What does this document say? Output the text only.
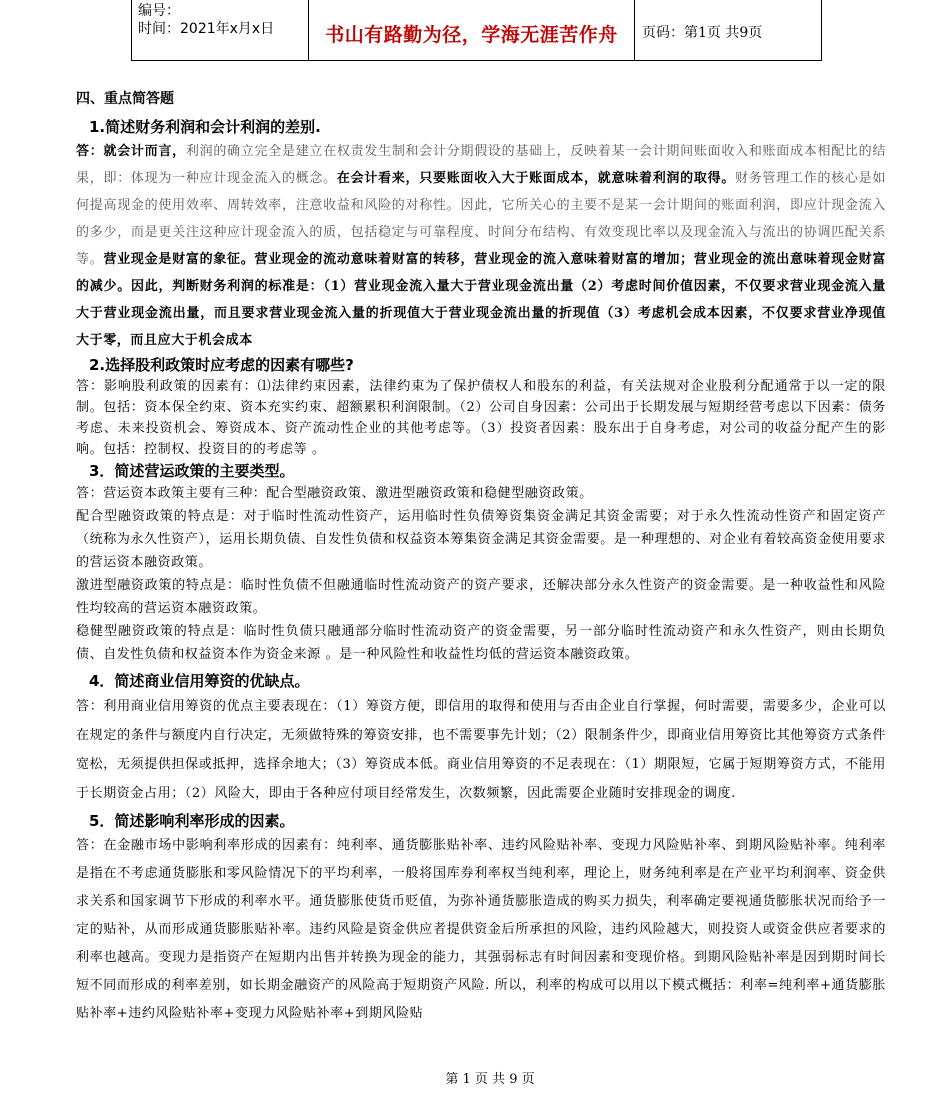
编号：
时间：2021年x月x日	书山有路勤为径，学海无涯苦作舟	页码：第1页 共9页
四、重点简答题
1.简述财务利润和会计利润的差别.

答：就会计而言，利润的确立完全是建立在权责发生制和会计分期假设的基础上，反映着某一会计期间账面收入和账面成本相配比的结果，即：体现为一种应计现金流入的概念。在会计看来，只要账面收入大于账面成本，就意味着利润的取得。财务管理工作的核心是如何提高现金的使用效率、周转效率，注意收益和风险的对称性。因此，它所关心的主要不是某一会计期间的账面利润，即应计现金流入的多少，而是更关注这种应计现金流入的质，包括稳定与可靠程度、时间分布结构、有效变现比率以及现金流入与流出的协调匹配关系等。营业现金是财富的象征。营业现金的流动意味着财富的转移，营业现金的流入意味着财富的增加；营业现金的流出意味着现金财富的减少。因此，判断财务利润的标准是：（1）营业现金流入量大于营业现金流出量（2）考虑时间价值因素，不仅要求营业现金流入量大于营业现金流出量，而且要求营业现金流入量的折现值大于营业现金流出量的折现值（3）考虑机会成本因素，不仅要求营业净现值大于零，而且应大于机会成本

2.选择股利政策时应考虑的因素有哪些?

答：影响股利政策的因素有：⑴法律约束因素，法律约束为了保护债权人和股东的利益，有关法规对企业股利分配通常于以一定的限制。包括：资本保全约束、资本充实约束、超额累积利润限制。（2）公司自身因素：公司出于长期发展与短期经营考虑以下因素：债务考虑、未来投资机会、筹资成本、资产流动性企业的其他考虑等。（3）投资者因素：股东出于自身考虑，对公司的收益分配产生的影响。包括：控制权、投资目的的考虑等 。

3．简述营运政策的主要类型。

答：营运资本政策主要有三种：配合型融资政策、激进型融资政策和稳健型融资政策。

配合型融资政策的特点是：对于临时性流动性资产，运用临时性负债筹资集资金满足其资金需要；对于永久性流动性资产和固定资产（统称为永久性资产），运用长期负债、自发性负债和权益资本筹集资金满足其资金需要。是一种理想的、对企业有着较高资金使用要求的营运资本融资政策。

激进型融资政策的特点是：临时性负债不但融通临时性流动资产的资产要求，还解决部分永久性资产的资金需要。是一种收益性和风险性均较高的营运资本融资政策。

稳健型融资政策的特点是：临时性负债只融通部分临时性流动资产的资金需要，另一部分临时性流动资产和永久性资产，则由长期负债、自发性负债和权益资本作为资金来源 。是一种风险性和收益性均低的营运资本融资政策。

4．简述商业信用筹资的优缺点。

答：利用商业信用筹资的优点主要表现在：（1）筹资方便，即信用的取得和使用与否由企业自行掌握，何时需要，需要多少，企业可以在规定的条件与额度内自行决定，无须做特殊的筹资安排，也不需要事先计划；（2）限制条件少，即商业信用筹资比其他筹资方式条件宽松，无须提供担保或抵押，选择余地大；（3）筹资成本低。商业信用筹资的不足表现在：（1）期限短，它属于短期筹资方式，不能用于长期资金占用；（2）风险大，即由于各种应付项目经常发生，次数频繁，因此需要企业随时安排现金的调度.

5．简述影响利率形成的因素。

答：在金融市场中影响利率形成的因素有：纯利率、通货膨胀贴补率、违约风险贴补率、变现力风险贴补率、到期风险贴补率。纯利率是指在不考虑通货膨胀和零风险情况下的平均利率，一般将国库券利率权当纯利率，理论上，财务纯利率是在产业平均利润率、资金供求关系和国家调节下形成的利率水平。通货膨胀使货币贬值，为弥补通货膨胀造成的购买力损失，利率确定要视通货膨胀状况而给予一定的贴补，从而形成通货膨胀贴补率。违约风险是资金供应者提供资金后所承担的风险，违约风险越大，则投资人或资金供应者要求的利率也越高。变现力是指资产在短期内出售并转换为现金的能力，其强弱标志有时间因素和变现价格。到期风险贴补率是因到期时间长短不同而形成的利率差别，如长期金融资产的风险高于短期资产风险. 所以，利率的构成可以用以下模式概括：利率=纯利率+通货膨胀贴补率+违约风险贴补率+变现力风险贴补率+到期风险贴

第 1 页 共 9 页
